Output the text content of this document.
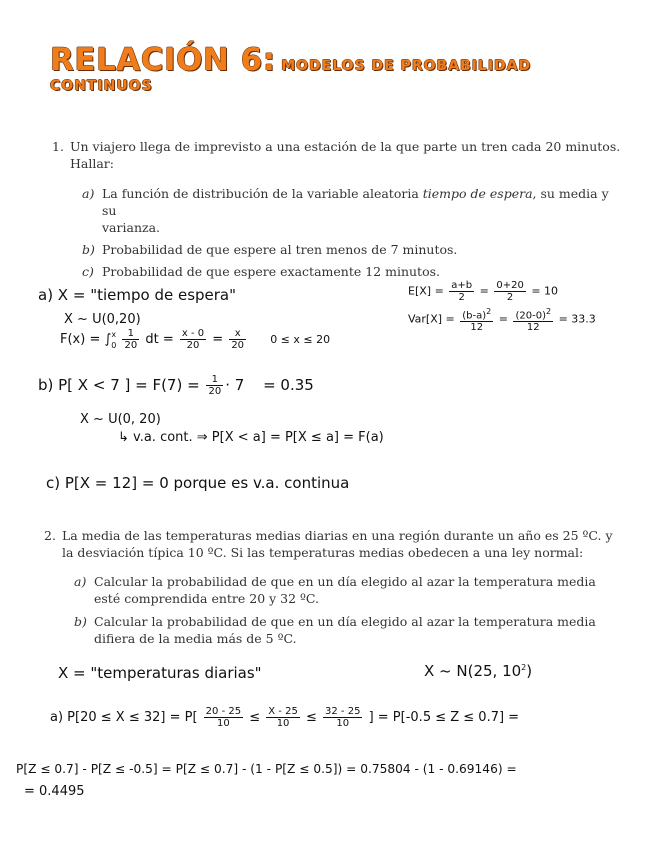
RELACIÓN 6: MODELOS DE PROBABILIDAD
CONTINUOS
1. Un viajero llega de imprevisto a una estación de la que parte un tren cada 20 minutos.
Hallar:
a) La función de distribución de la variable aleatoria tiempo de espera, su media y su
varianza.
b) Probabilidad de que espere al tren menos de 7 minutos.
c) Probabilidad de que espere exactamente 12 minutos.
a) X = "tiempo de espera"
X ~ U(0,20)
F(x) = ∫ x
0
$\frac{1}{20}$ dt = $\frac{x - 0}{20} = \frac{x}{20} 0 \le x \le 20$
$E[X] = \frac{a+b}{2} = \frac{0+20}{2} = 10$
$Var[X] = \frac{(b-a)^2}{12} = \frac{(20-0)^2}{12} = 33.3$
b) P[ X < 7 ] = $F(7) = \frac{1}{20} \cdot 7 = 0.35$
X ~ U(0, 20)
↳ v.a. cont. ⇒ P[X < a] = P[X ≤ a] = F(a)
c) P[X = 12] = 0 porque es v.a. continua
2. La media de las temperaturas medias diarias en una región durante un año es 25 ºC. y
la desviación típica 10 ºC. Si las temperaturas medias obedecen a una ley normal:
a) Calcular la probabilidad de que en un día elegido al azar la temperatura media
esté comprendida entre 20 y 32 ºC.
b) Calcular la probabilidad de que en un día elegido al azar la temperatura media
difiera de la media más de 5 ºC.
X = "temperaturas diarias"	X ~ N(25, $10^2$)
a) $P[20 \le X \le 32] = P[ \frac{20 - 25}{10} \le \frac{X - 25}{10} \le \frac{32 - 25}{10}$ ] = P[-0.5 ≤ Z ≤ 0.7] =
P[Z ≤ 0.7] - P[Z ≤ -0.5] = P[Z ≤ 0.7] - (1 - P[Z ≤ 0.5]) = 0.75804 - (1 - 0.69146) =
= 0.4495
